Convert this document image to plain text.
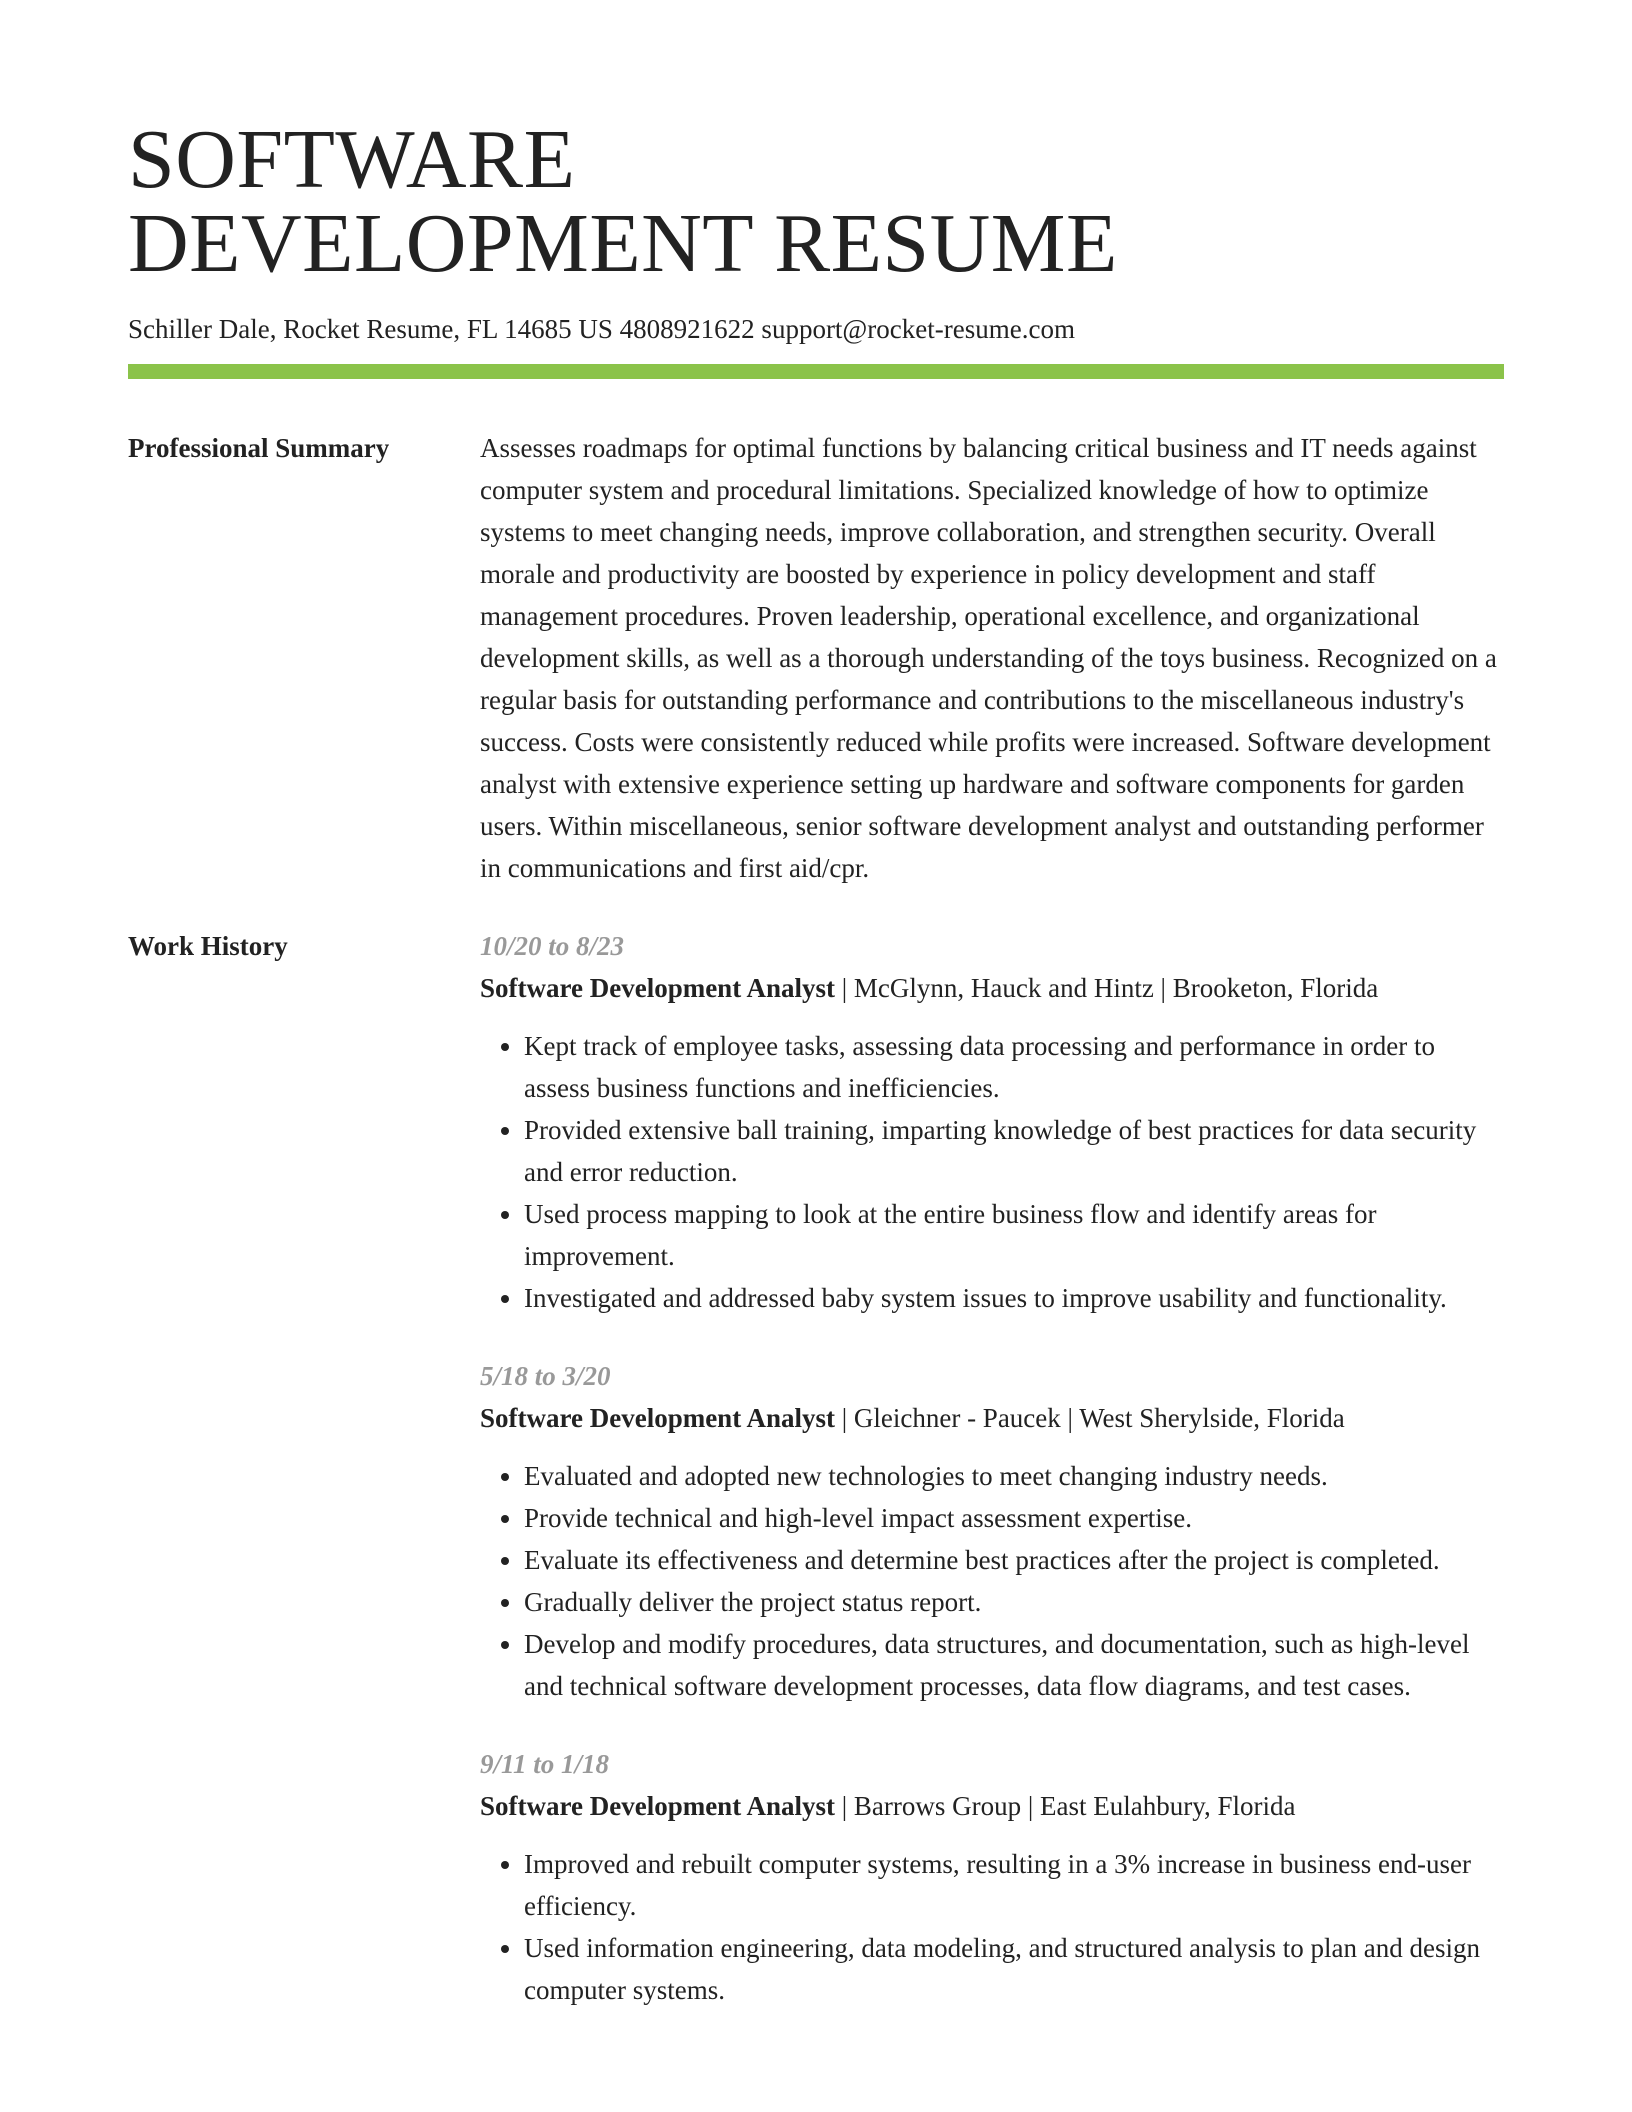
SOFTWARE
DEVELOPMENT RESUME
Schiller Dale, Rocket Resume, FL 14685 US 4808921622 support@rocket-resume.com
Professional Summary	Assesses roadmaps for optimal functions by balancing critical business and IT needs against computer system and procedural limitations. Specialized knowledge of how to optimize systems to meet changing needs, improve collaboration, and strengthen security. Overall morale and productivity are boosted by experience in policy development and staff management procedures. Proven leadership, operational excellence, and organizational development skills, as well as a thorough understanding of the toys business. Recognized on a regular basis for outstanding performance and contributions to the miscellaneous industry's success. Costs were consistently reduced while profits were increased. Software development analyst with extensive experience setting up hardware and software components for garden users. Within miscellaneous, senior software development analyst and outstanding performer in communications and first aid/cpr.

Work History	10/20 to 8/23
Software Development Analyst | McGlynn, Hauck and Hintz | Brooketon, Florida
• Kept track of employee tasks, assessing data processing and performance in order to assess business functions and inefficiencies.
• Provided extensive ball training, imparting knowledge of best practices for data security and error reduction.
• Used process mapping to look at the entire business flow and identify areas for improvement.
• Investigated and addressed baby system issues to improve usability and functionality.
5/18 to 3/20
Software Development Analyst | Gleichner - Paucek | West Sherylside, Florida
• Evaluated and adopted new technologies to meet changing industry needs.
• Provide technical and high-level impact assessment expertise.
• Evaluate its effectiveness and determine best practices after the project is completed.
• Gradually deliver the project status report.
• Develop and modify procedures, data structures, and documentation, such as high-level and technical software development processes, data flow diagrams, and test cases.
9/11 to 1/18
Software Development Analyst | Barrows Group | East Eulahbury, Florida
• Improved and rebuilt computer systems, resulting in a 3% increase in business end-user efficiency.
• Used information engineering, data modeling, and structured analysis to plan and design computer systems.
